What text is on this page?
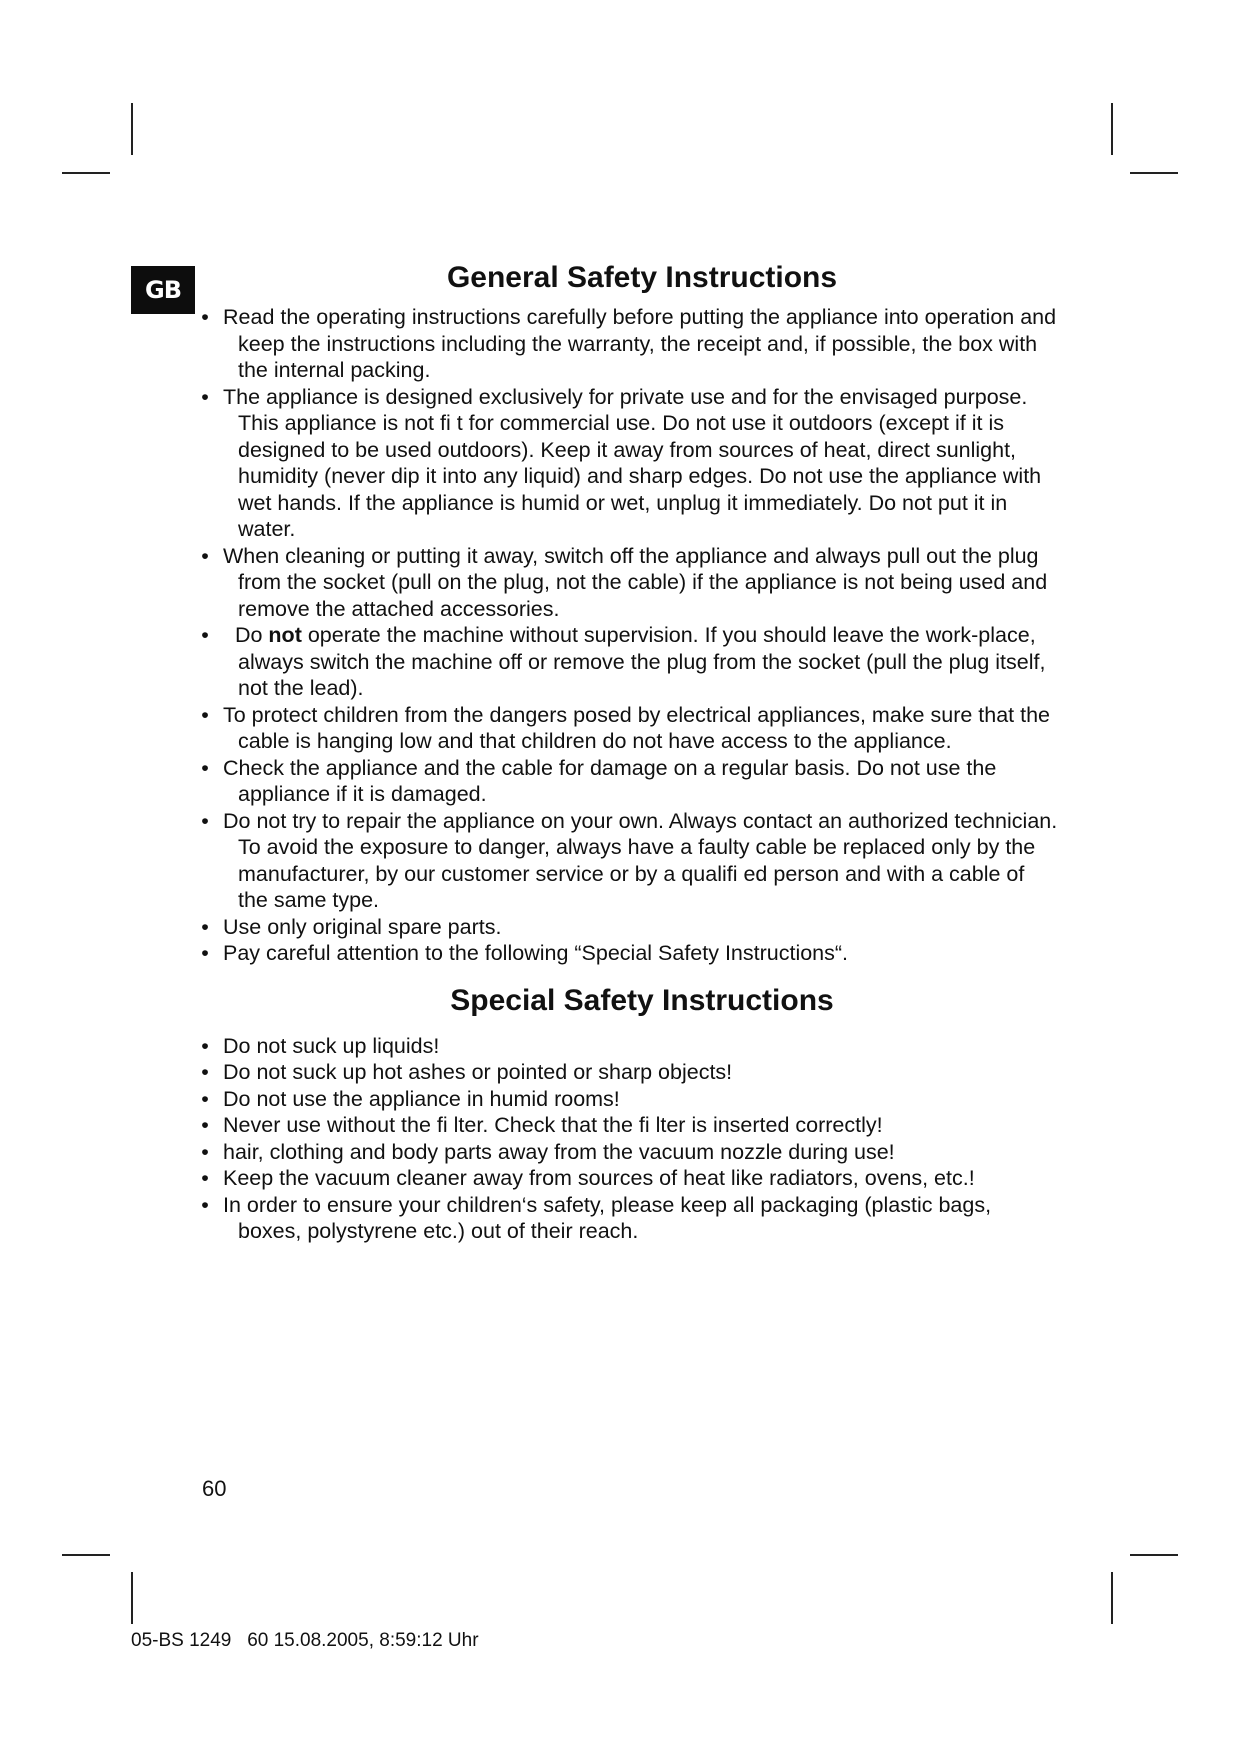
GB	General Safety Instructions
• Read the operating instructions carefully before putting the appliance into operation and keep the instructions including the warranty, the receipt and, if possible, the box with the internal packing.
• The appliance is designed exclusively for private use and for the envisaged purpose. This appliance is not fi t for commercial use. Do not use it outdoors (except if it is designed to be used outdoors). Keep it away from sources of heat, direct sunlight, humidity (never dip it into any liquid) and sharp edges. Do not use the appliance with wet hands. If the appliance is humid or wet, unplug it immediately. Do not put it in water.
• When cleaning or putting it away, switch off the appliance and always pull out the plug from the socket (pull on the plug, not the cable) if the appliance is not being used and remove the attached accessories.
• Do not operate the machine without supervision. If you should leave the work-place, always switch the machine off or remove the plug from the socket (pull the plug itself, not the lead).
• To protect children from the dangers posed by electrical appliances, make sure that the cable is hanging low and that children do not have access to the appliance.
• Check the appliance and the cable for damage on a regular basis. Do not use the appliance if it is damaged.
• Do not try to repair the appliance on your own. Always contact an authorized technician. To avoid the exposure to danger, always have a faulty cable be replaced only by the manufacturer, by our customer service or by a qualifi ed person and with a cable of the same type.
• Use only original spare parts.
• Pay careful attention to the following “Special Safety Instructions“.
Special Safety Instructions
• Do not suck up liquids!
• Do not suck up hot ashes or pointed or sharp objects!
• Do not use the appliance in humid rooms!
• Never use without the fi lter. Check that the fi lter is inserted correctly!
• hair, clothing and body parts away from the vacuum nozzle during use!
• Keep the vacuum cleaner away from sources of heat like radiators, ovens, etc.!
• In order to ensure your children‘s safety, please keep all packaging (plastic bags, boxes, polystyrene etc.) out of their reach.
60
05-BS 1249   60 15.08.2005, 8:59:12 Uhr
